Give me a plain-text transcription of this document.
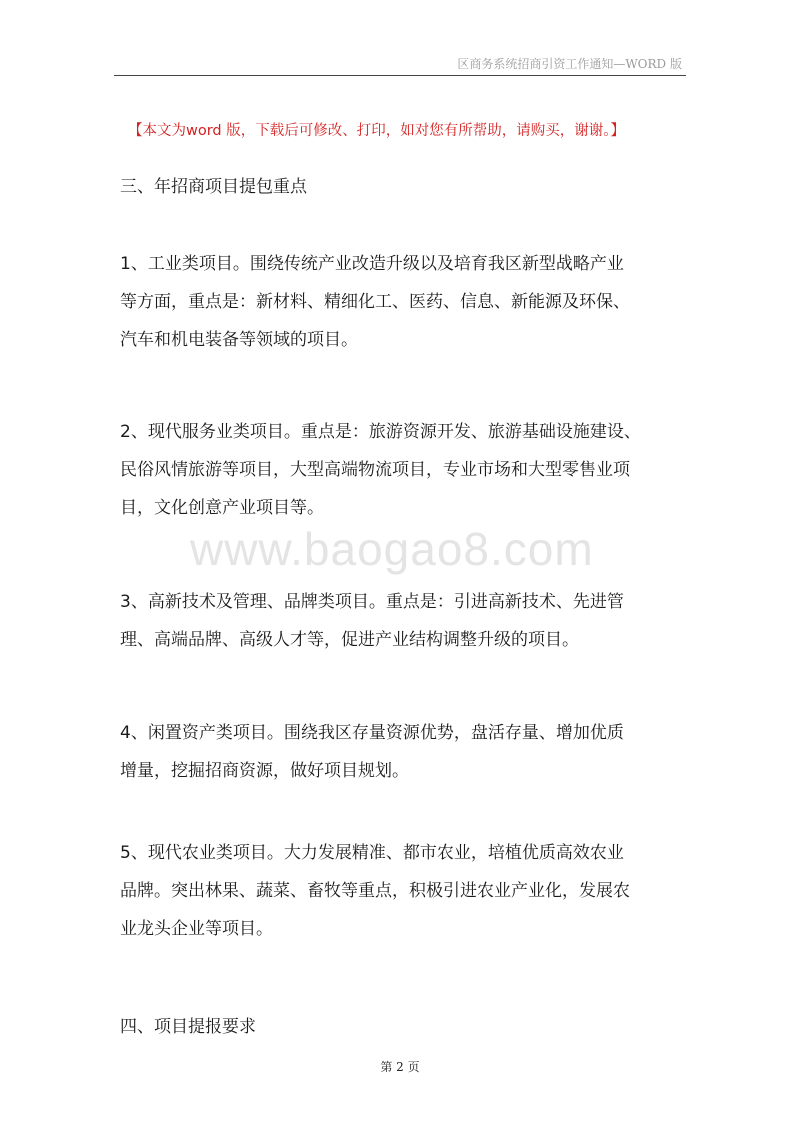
区商务系统招商引资工作通知—WORD 版
【本文为word 版，下载后可修改、打印，如对您有所帮助，请购买，谢谢。】
三、年招商项目提包重点
1、工业类项目。围绕传统产业改造升级以及培育我区新型战略产业
等方面，重点是：新材料、精细化工、医药、信息、新能源及环保、
汽车和机电装备等领域的项目。
2、现代服务业类项目。重点是：旅游资源开发、旅游基础设施建设、
民俗风情旅游等项目，大型高端物流项目，专业市场和大型零售业项
目，文化创意产业项目等。
www.baogao8.com
3、高新技术及管理、品牌类项目。重点是：引进高新技术、先进管
理、高端品牌、高级人才等，促进产业结构调整升级的项目。
4、闲置资产类项目。围绕我区存量资源优势，盘活存量、增加优质
增量，挖掘招商资源，做好项目规划。
5、现代农业类项目。大力发展精准、都市农业，培植优质高效农业
品牌。突出林果、蔬菜、畜牧等重点，积极引进农业产业化，发展农
业龙头企业等项目。
四、项目提报要求
第 2 页
